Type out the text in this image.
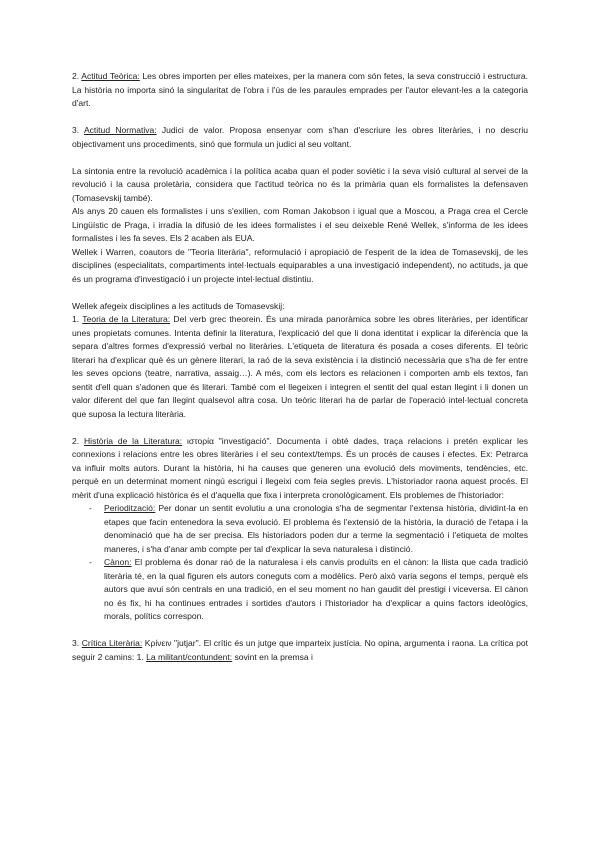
2. Actitud Teòrica: Les obres importen per elles mateixes, per la manera com són fetes, la seva construcció i estructura. La història no importa sinó la singularitat de l'obra i l'ús de les paraules emprades per l'autor elevant-les a la categoria d'art.

3. Actitud Normativa: Judici de valor. Proposa ensenyar com s'han d'escriure les obres literàries, i no descriu objectivament uns procediments, sinó que formula un judici al seu voltant.

La sintonia entre la revolució acadèmica i la política acaba quan el poder soviètic i la seva visió cultural al servei de la revolució i la causa proletària, considera que l'actitud teòrica no és la primària quan els formalistes la defensaven (Tomasevskij també).

Als anys 20 cauen els formalistes i uns s'exilien, com Roman Jakobson i igual que a Moscou, a Praga crea el Cercle Lingüístic de Praga, i irradia la difusió de les idees formalistes i el seu deixeble René Wellek, s'informa de les idees formalistes i les fa seves. Els 2 acaben als EUA.

Wellek i Warren, coautors de "Teoria literària", reformulació i apropiació de l'esperit de la idea de Tomasevskij, de les disciplines (especialitats, compartiments intel·lectuals equiparables a una investigació independent), no actituds, ja que és un programa d'investigació i un projecte intel·lectual distintiu.

Wellek afegeix disciplines a les actituds de Tomasevskij:

1. Teoria de la Literatura: Del verb grec theorein. És una mirada panoràmica sobre les obres literàries, per identificar unes propietats comunes. Intenta definir la literatura, l'explicació del que li dona identitat i explicar la diferència que la separa d'altres formes d'expressió verbal no literàries. L'etiqueta de literatura és posada a coses diferents. El teòric literari ha d'explicar què és un gènere literari, la raó de la seva existència i la distinció necessària que s'ha de fer entre les seves opcions (teatre, narrativa, assaig…). A més, com els lectors es relacionen i comporten amb els textos, fan sentit d'ell quan s'adonen que és literari. També com el llegeixen i integren el sentit del qual estan llegint i li donen un valor diferent del que fan llegint qualsevol altra cosa. Un teòric literari ha de parlar de l'operació intel·lectual concreta que suposa la lectura literària.

2. Història de la Literatura: ιστορία "investigació". Documenta i obté dades, traça relacions i pretén explicar les connexions i relacions entre les obres literàries i el seu context/temps. És un procés de causes i efectes. Ex: Petrarca va influir molts autors. Durant la història, hi ha causes que generen una evolució dels moviments, tendències, etc. perquè en un determinat moment ningú escrigui i llegeixi com feia segles previs. L'historiador raona aquest procés. El mèrit d'una explicació històrica és el d'aquella que fixa i interpreta cronològicament. Els problemes de l'historiador:

- Periodització: Per donar un sentit evolutiu a una cronologia s'ha de segmentar l'extensa història, dividint-la en etapes que facin entenedora la seva evolució. El problema és l'extensió de la història, la duració de l'etapa i la denominació que ha de ser precisa. Els historiadors poden dur a terme la segmentació i l'etiqueta de moltes maneres, i s'ha d'anar amb compte per tal d'explicar la seva naturalesa i distinció.
- Cànon: El problema és donar raó de la naturalesa i els canvis produïts en el cànon: la llista que cada tradició literària té, en la qual figuren els autors coneguts com a modèlics. Però això varia segons el temps, perquè els autors que avui són centrals en una tradició, en el seu moment no han gaudit del prestigi i viceversa. El cànon no és fix, hi ha continues entrades i sortides d'autors i l'historiador ha d'explicar a quins factors ideològics, morals, polítics correspon.

3. Crítica Literària: Κρίνειν "jutjar". El crític és un jutge que imparteix justícia. No opina, argumenta i raona. La crítica pot seguir 2 camins: 1. La militant/contundent: sovint en la premsa i
